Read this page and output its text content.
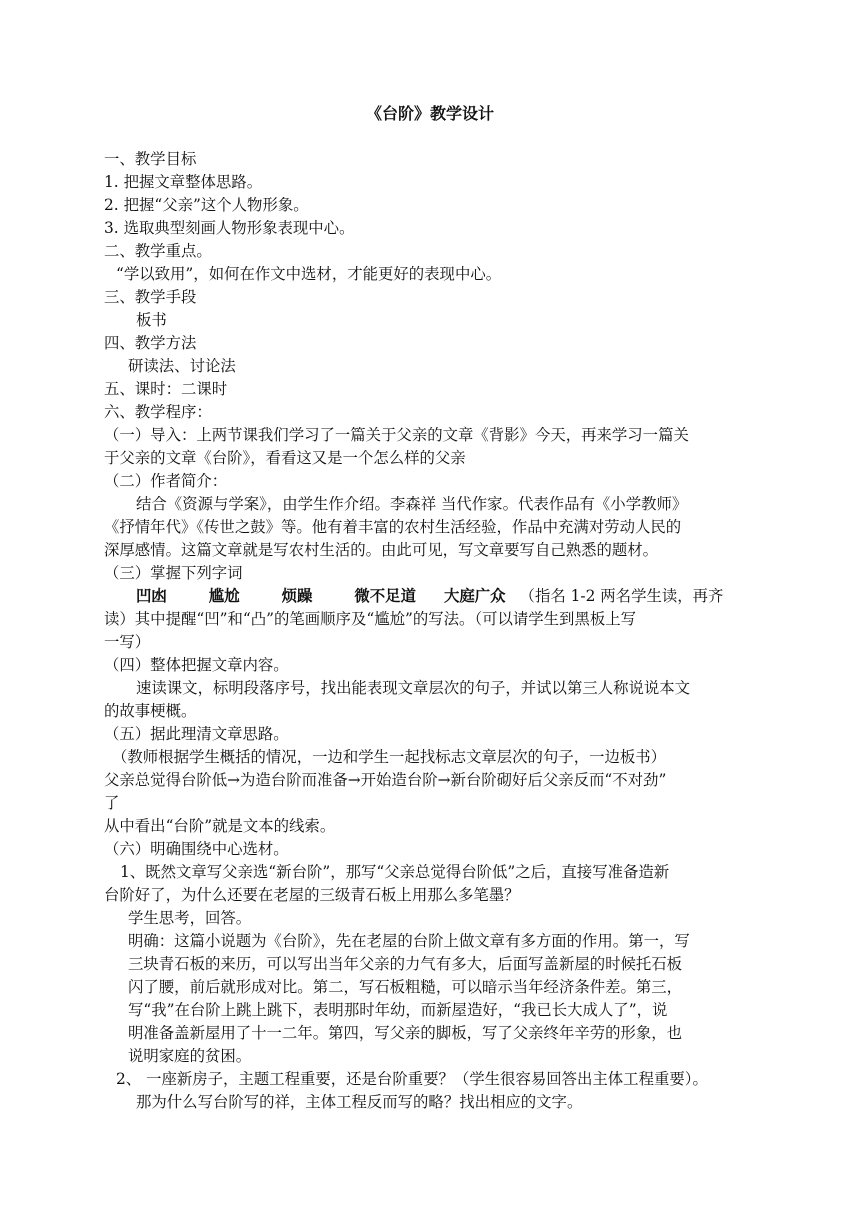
《台阶》教学设计
一、教学目标
1. 把握文章整体思路。
2. 把握“父亲”这个人物形象。
3. 选取典型刻画人物形象表现中心。
二、教学重点。
“学以致用”，如何在作文中选材，才能更好的表现中心。
三、教学手段
板书
四、教学方法
研读法、讨论法
五、课时：二课时
六、教学程序：
（一）导入：上两节课我们学习了一篇关于父亲的文章《背影》今天，再来学习一篇关
于父亲的文章《台阶》，看看这又是一个怎么样的父亲
（二）作者简介：
结合《资源与学案》，由学生作介绍。李森祥 当代作家。代表作品有《小学教师》
《抒情年代》《传世之鼓》等。他有着丰富的农村生活经验，作品中充满对劳动人民的
深厚感情。这篇文章就是写农村生活的。由此可见，写文章要写自己熟悉的题材。
（三）掌握下列字词
凹凼	尴尬	烦躁	微不足道 大庭广众 （指名 1-2 两名学生读，再齐
读）其中提醒“凹”和“凸”的笔画顺序及“尴尬”的写法。（可以请学生到黑板上写
一写）
（四）整体把握文章内容。
速读课文，标明段落序号，找出能表现文章层次的句子，并试以第三人称说说本文
的故事梗概。
（五）据此理清文章思路。
（教师根据学生概括的情况，一边和学生一起找标志文章层次的句子，一边板书）
父亲总觉得台阶低→为造台阶而准备→开始造台阶→新台阶砌好后父亲反而“不对劲”
了
从中看出“台阶”就是文本的线索。
（六）明确围绕中心选材。
1、既然文章写父亲选“新台阶”，那写“父亲总觉得台阶低”之后，直接写准备造新
台阶好了，为什么还要在老屋的三级青石板上用那么多笔墨？
学生思考，回答。
明确：这篇小说题为《台阶》，先在老屋的台阶上做文章有多方面的作用。第一，写
三块青石板的来历，可以写出当年父亲的力气有多大，后面写盖新屋的时候托石板
闪了腰，前后就形成对比。第二，写石板粗糙，可以暗示当年经济条件差。第三，
写“我”在台阶上跳上跳下，表明那时年幼，而新屋造好，“我已长大成人了”，说
明准备盖新屋用了十一二年。第四，写父亲的脚板，写了父亲终年辛劳的形象，也
说明家庭的贫困。
2、 一座新房子，主题工程重要，还是台阶重要？（学生很容易回答出主体工程重要）。
那为什么写台阶写的祥，主体工程反而写的略？找出相应的文字。
